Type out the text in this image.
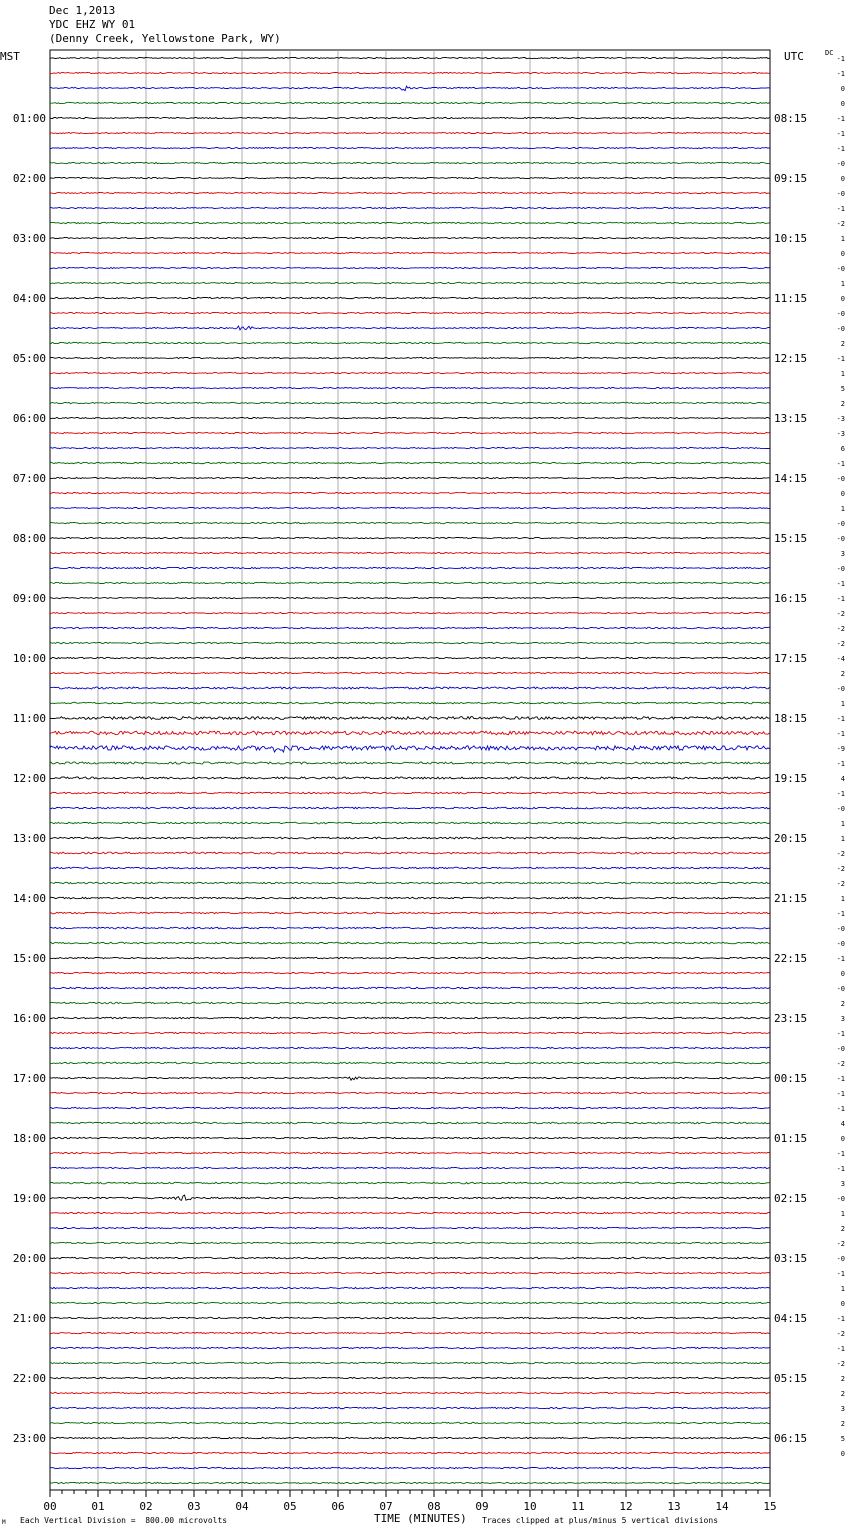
Dec 1,2013
YDC EHZ WY 01
(Denny Creek, Yellowstone Park, WY)
MST	UTC	DC
01:00
02:00
03:00
04:00
05:00
06:00
07:00
08:00
09:00
10:00
11:00
12:00
13:00
14:00
15:00
16:00
17:00
18:00
19:00
20:00
21:00
22:00
23:00
08:15
09:15
10:15
11:15
12:15
13:15
14:15
15:15
16:15
17:15
18:15
19:15
20:15
21:15
22:15
23:15
00:15
01:15
02:15
03:15
04:15
05:15
06:15
-1
-1
0
0
-1
-1
-1
-0
0
-0
-1
-2
1
0
-0
1
0
-0
-0
2
-1
1
5
2
-3
-3
6
-1
-0
0
1
-0
-0
3
-0
-1
-1
-2
-2
-2
-4
2
-0
1
-1
-1
-9
-1
4
-1
-0
1
1
-2
-2
-2
1
-1
-0
-0
-1
0
-0
2
3
-1
-0
-2
-1
-1
-1
4
0
-1
-1
3
-0
1
2
-2
-0
-1
1
0
-1
-2
-1
-2
2
2
3
2
5
0
00	01	02	03	04	05	06	07	08	09	10	11	12	13	14	15
M Each Vertical Division =  800.00 microvolts	TIME (MINUTES) Traces clipped at plus/minus 5 vertical divisions
